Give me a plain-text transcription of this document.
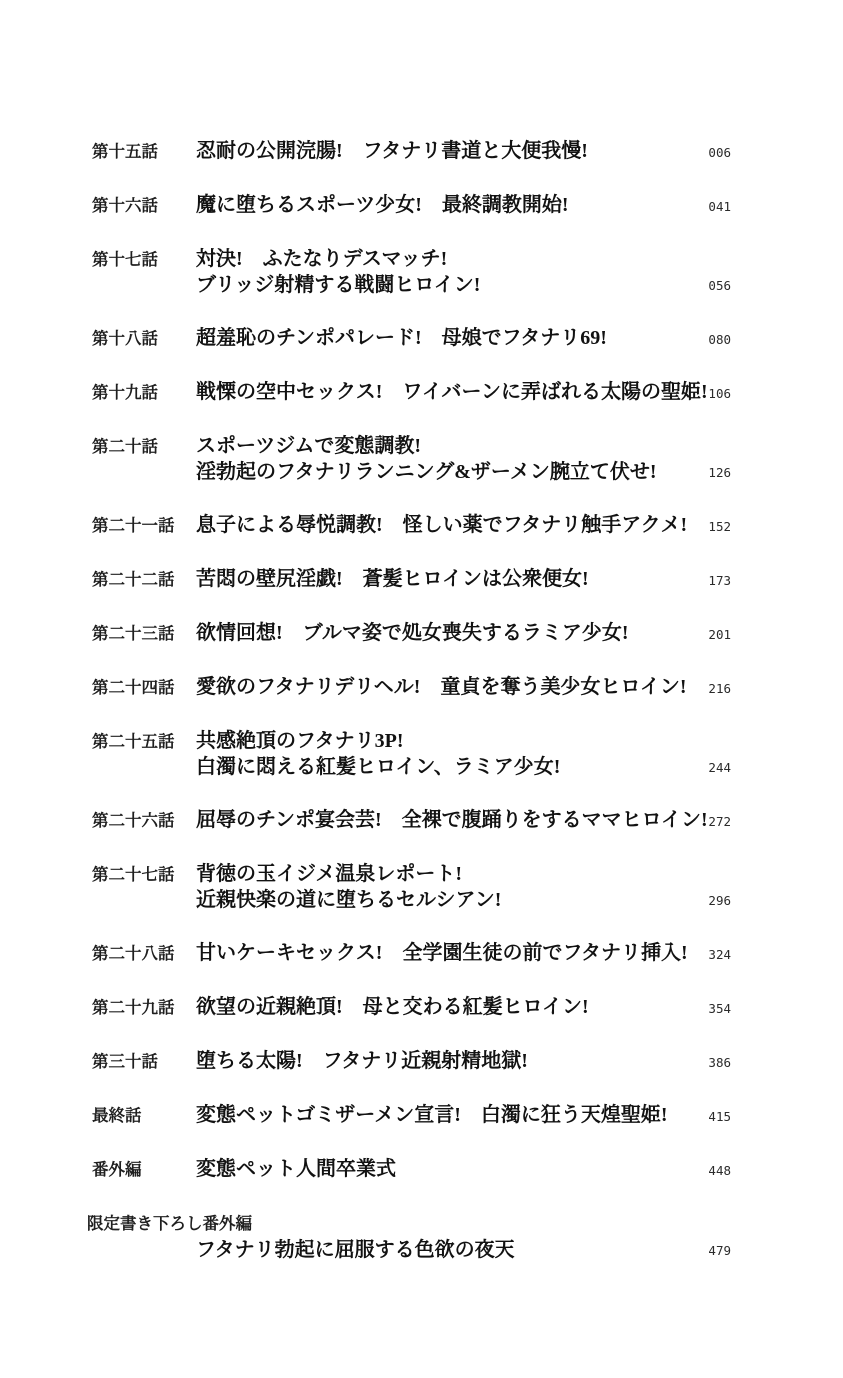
第十五話	忍耐の公開浣腸!　フタナリ書道と大便我慢!	006
第十六話	魔に堕ちるスポーツ少女!　最終調教開始!	041
第十七話	対決!　ふたなりデスマッチ!
ブリッジ射精する戦闘ヒロイン!	056
第十八話	超羞恥のチンポパレード!　母娘でフタナリ69!	080
第十九話	戦慄の空中セックス!　ワイバーンに弄ばれる太陽の聖姫! 106
第二十話	スポーツジムで変態調教!
淫勃起のフタナリランニング&ザーメン腕立て伏せ!	126
第二十一話	息子による辱悦調教!　怪しい薬でフタナリ触手アクメ!	152
第二十二話	苦悶の壁尻淫戯!　蒼髪ヒロインは公衆便女!	173
第二十三話	欲情回想!　ブルマ姿で処女喪失するラミア少女!	201
第二十四話	愛欲のフタナリデリヘル!　童貞を奪う美少女ヒロイン!	216
第二十五話	共感絶頂のフタナリ3P!
白濁に悶える紅髪ヒロイン、ラミア少女!	244
第二十六話	屈辱のチンポ宴会芸!　全裸で腹踊りをするママヒロイン! 272
第二十七話	背徳の玉イジメ温泉レポート!
近親快楽の道に堕ちるセルシアン!	296
第二十八話	甘いケーキセックス!　全学園生徒の前でフタナリ挿入!	324
第二十九話	欲望の近親絶頂!　母と交わる紅髪ヒロイン!	354
第三十話	堕ちる太陽!　フタナリ近親射精地獄!	386
最終話	変態ペットゴミザーメン宣言!　白濁に狂う天煌聖姫!	415
番外編	変態ペット人間卒業式	448
限定書き下ろし番外編
フタナリ勃起に屈服する色欲の夜天	479
